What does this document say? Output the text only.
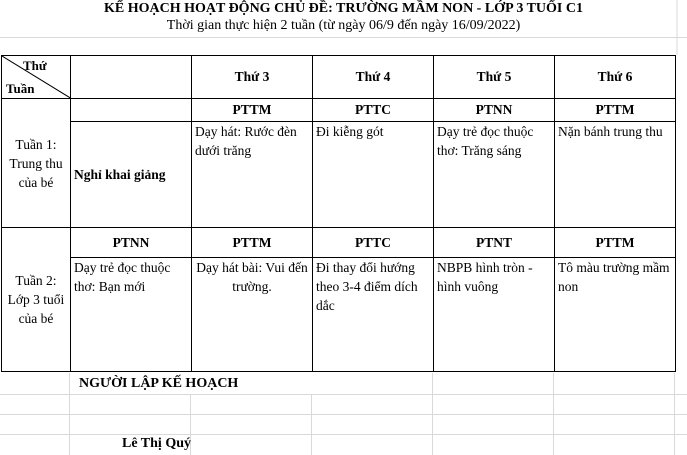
KẾ HOẠCH HOẠT ĐỘNG CHỦ ĐỀ: TRƯỜNG MẦM NON - LỚP 3 TUỔI C1
Thời gian thực hiện 2 tuần (từ ngày 06/9 đến ngày 16/09/2022)
Thứ
Tuần		Thứ 3	Thứ 4	Thứ 5	Thứ 6

Tuần 1:
Trung thu
của bé		PTTM	PTTC	PTNN	PTTM
	Nghỉ khai giảng	Dạy hát: Rước đèn dưới trăng	Đi kiễng gót	Dạy trẻ đọc thuộc thơ: Trăng sáng	Nặn bánh trung thu

Tuần 2:
Lớp 3 tuổi
của bé	PTNN	PTTM	PTTC	PTNT	PTTM
	Dạy trẻ đọc thuộc thơ: Bạn mới	Dạy hát bài: Vui đến trường.	Đi thay đổi hướng theo 3-4 điểm dích dắc	NBPB hình tròn - hình vuông	Tô màu trường mầm non
NGƯỜI LẬP KẾ HOẠCH
Lê Thị Quý
